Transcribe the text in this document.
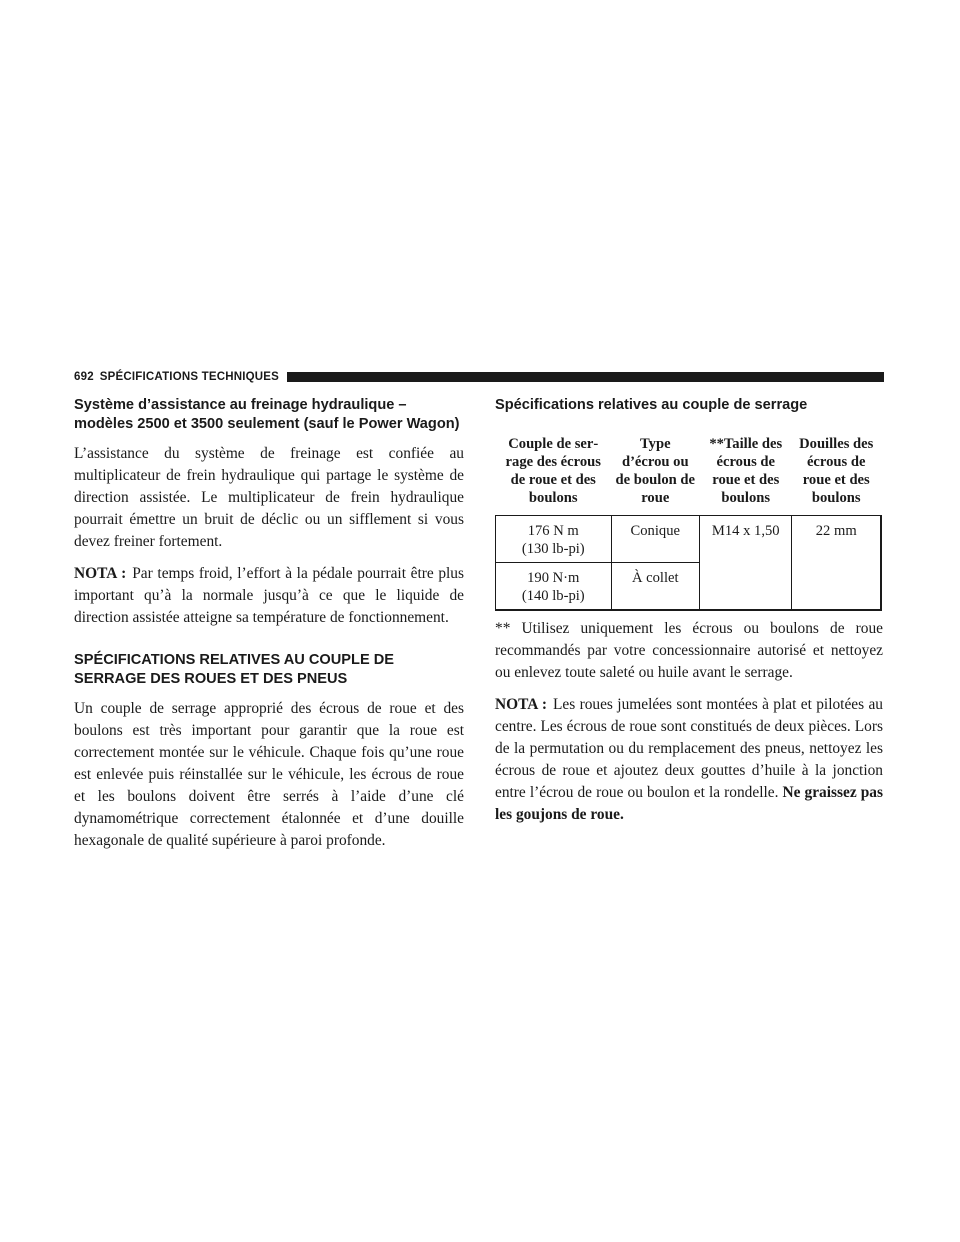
692 SPÉCIFICATIONS TECHNIQUES
Système d’assistance au freinage hydraulique – modèles 2500 et 3500 seulement (sauf le Power Wagon)

L’assistance du système de freinage est confiée au multiplicateur de frein hydraulique qui partage le système de direction assistée. Le multiplicateur de frein hydraulique pourrait émettre un bruit de déclic ou un sifflement si vous devez freiner fortement.

NOTA : Par temps froid, l’effort à la pédale pourrait être plus important qu’à la normale jusqu’à ce que le liquide de direction assistée atteigne sa température de fonctionnement.

SPÉCIFICATIONS RELATIVES AU COUPLE DE SERRAGE DES ROUES ET DES PNEUS

Un couple de serrage approprié des écrous de roue et des boulons est très important pour garantir que la roue est correctement montée sur le véhicule. Chaque fois qu’une roue est enlevée puis réinstallée sur le véhicule, les écrous de roue et les boulons doivent être serrés à l’aide d’une clé dynamométrique correctement étalonnée et d’une douille hexagonale de qualité supérieure à paroi profonde.

Spécifications relatives au couple de serrage
Couple de serrage des écrous de roue et des boulons	Type d’écrou ou de boulon de roue	**Taille des écrous de roue et des boulons	Douilles des écrous de roue et des boulons

176 N m
(130 lb-pi)	Conique	M14 x 1,50	22 mm

190 N·m
(140 lb-pi)	À collet		

** Utilisez uniquement les écrous ou boulons de roue recommandés par votre concessionnaire autorisé et nettoyez ou enlevez toute saleté ou huile avant le serrage.

NOTA : Les roues jumelées sont montées à plat et pilotées au centre. Les écrous de roue sont constitués de deux pièces. Lors de la permutation ou du remplacement des pneus, nettoyez les écrous de roue et ajoutez deux gouttes d’huile à la jonction entre l’écrou de roue ou boulon et la rondelle. Ne graissez pas les goujons de roue.
